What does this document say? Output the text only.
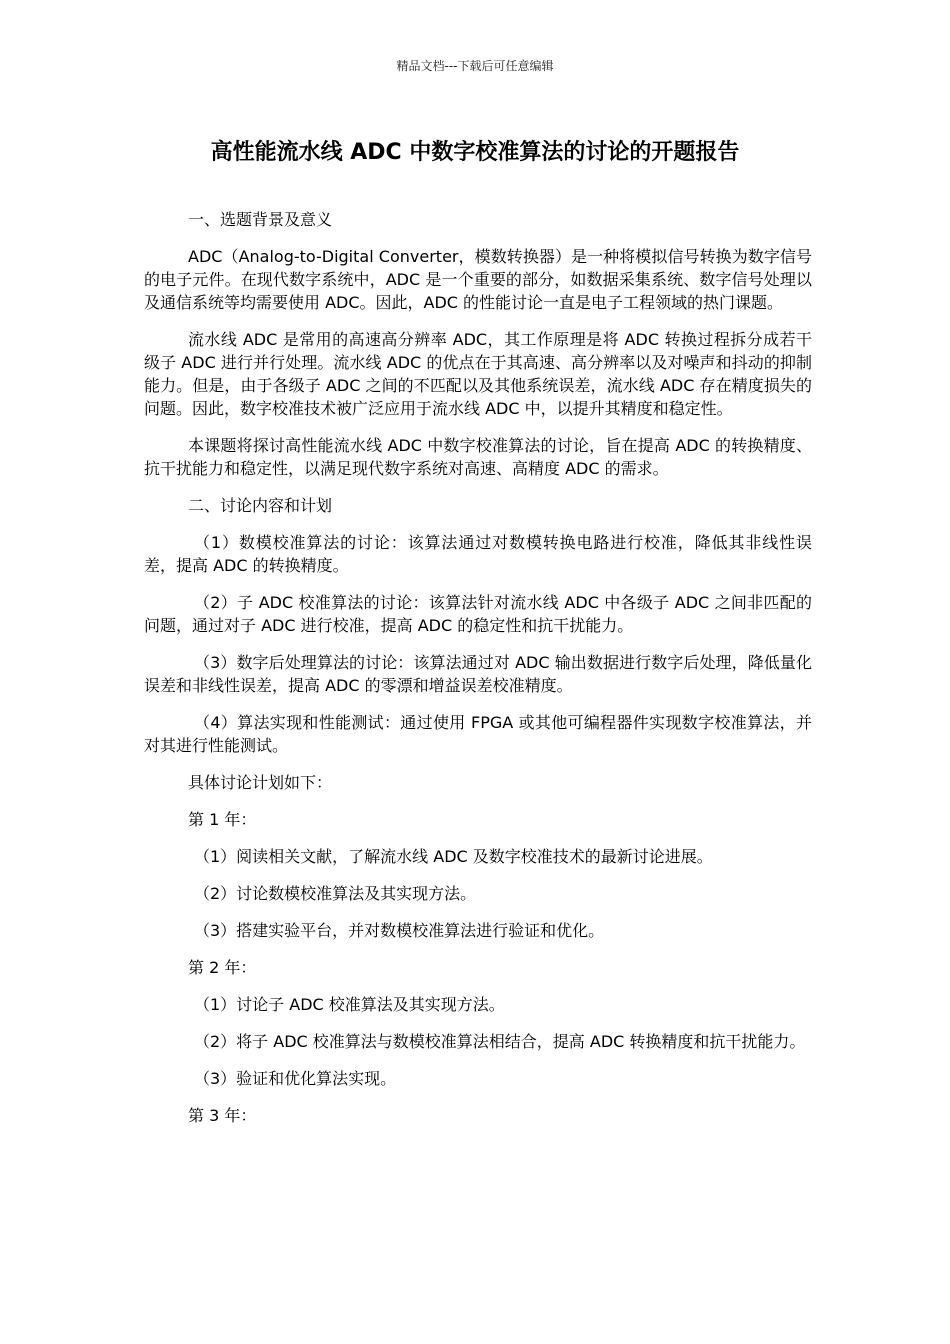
精品文档---下载后可任意编辑
高性能流水线 ADC 中数字校准算法的讨论的开题报告

一、选题背景及意义

ADC（Analog-to-Digital Converter，模数转换器）是一种将模拟信号转换为数字信号的电子元件。在现代数字系统中，ADC 是一个重要的部分，如数据采集系统、数字信号处理以及通信系统等均需要使用 ADC。因此，ADC 的性能讨论一直是电子工程领域的热门课题。

流水线 ADC 是常用的高速高分辨率 ADC，其工作原理是将 ADC 转换过程拆分成若干级子 ADC 进行并行处理。流水线 ADC 的优点在于其高速、高分辨率以及对噪声和抖动的抑制能力。但是，由于各级子 ADC 之间的不匹配以及其他系统误差，流水线 ADC 存在精度损失的问题。因此，数字校准技术被广泛应用于流水线 ADC 中，以提升其精度和稳定性。

本课题将探讨高性能流水线 ADC 中数字校准算法的讨论，旨在提高 ADC 的转换精度、抗干扰能力和稳定性，以满足现代数字系统对高速、高精度 ADC 的需求。

二、讨论内容和计划

（1）数模校准算法的讨论：该算法通过对数模转换电路进行校准，降低其非线性误差，提高 ADC 的转换精度。

（2）子 ADC 校准算法的讨论：该算法针对流水线 ADC 中各级子 ADC 之间非匹配的问题，通过对子 ADC 进行校准，提高 ADC 的稳定性和抗干扰能力。

（3）数字后处理算法的讨论：该算法通过对 ADC 输出数据进行数字后处理，降低量化误差和非线性误差，提高 ADC 的零漂和增益误差校准精度。

（4）算法实现和性能测试：通过使用 FPGA 或其他可编程器件实现数字校准算法，并对其进行性能测试。

具体讨论计划如下：

第 1 年：

（1）阅读相关文献，了解流水线 ADC 及数字校准技术的最新讨论进展。

（2）讨论数模校准算法及其实现方法。

（3）搭建实验平台，并对数模校准算法进行验证和优化。

第 2 年：

（1）讨论子 ADC 校准算法及其实现方法。

（2）将子 ADC 校准算法与数模校准算法相结合，提高 ADC 转换精度和抗干扰能力。

（3）验证和优化算法实现。

第 3 年：
